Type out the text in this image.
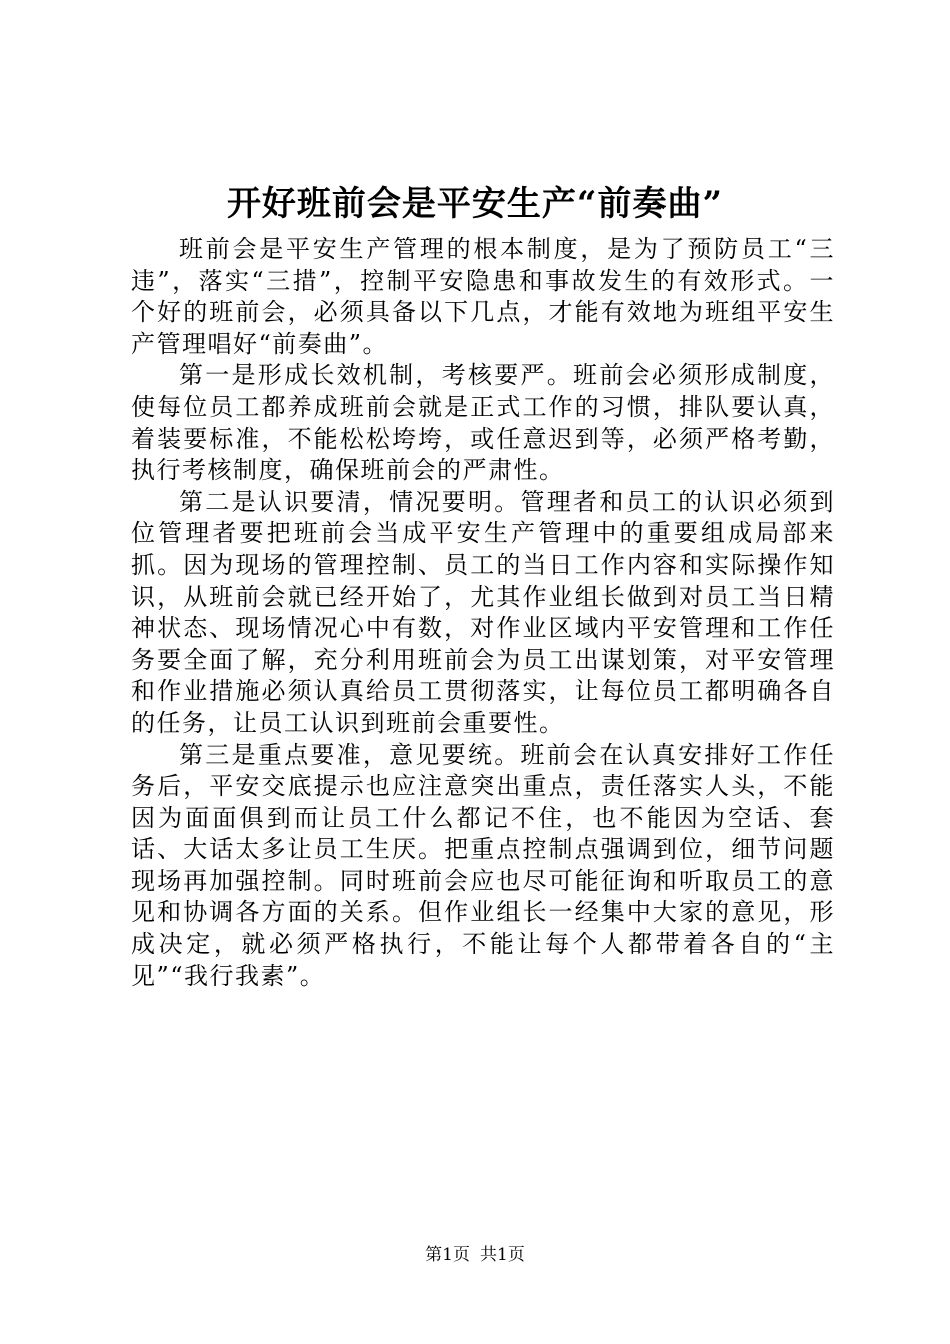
开好班前会是平安生产“前奏曲”

班前会是平安生产管理的根本制度，是为了预防员工“三违”，落实“三措”，控制平安隐患和事故发生的有效形式。一个好的班前会，必须具备以下几点，才能有效地为班组平安生产管理唱好“前奏曲”。

第一是形成长效机制，考核要严。班前会必须形成制度，使每位员工都养成班前会就是正式工作的习惯，排队要认真，着装要标准，不能松松垮垮，或任意迟到等，必须严格考勤，执行考核制度，确保班前会的严肃性。

第二是认识要清，情况要明。管理者和员工的认识必须到位管理者要把班前会当成平安生产管理中的重要组成局部来抓。因为现场的管理控制、员工的当日工作内容和实际操作知识，从班前会就已经开始了，尤其作业组长做到对员工当日精神状态、现场情况心中有数，对作业区域内平安管理和工作任务要全面了解，充分利用班前会为员工出谋划策，对平安管理和作业措施必须认真给员工贯彻落实，让每位员工都明确各自的任务，让员工认识到班前会重要性。

第三是重点要准，意见要统。班前会在认真安排好工作任务后，平安交底提示也应注意突出重点，责任落实人头，不能因为面面俱到而让员工什么都记不住，也不能因为空话、套话、大话太多让员工生厌。把重点控制点强调到位，细节问题现场再加强控制。同时班前会应也尽可能征询和听取员工的意见和协调各方面的关系。但作业组长一经集中大家的意见，形成决定，就必须严格执行，不能让每个人都带着各自的“主见”“我行我素”。

第1页 共1页
